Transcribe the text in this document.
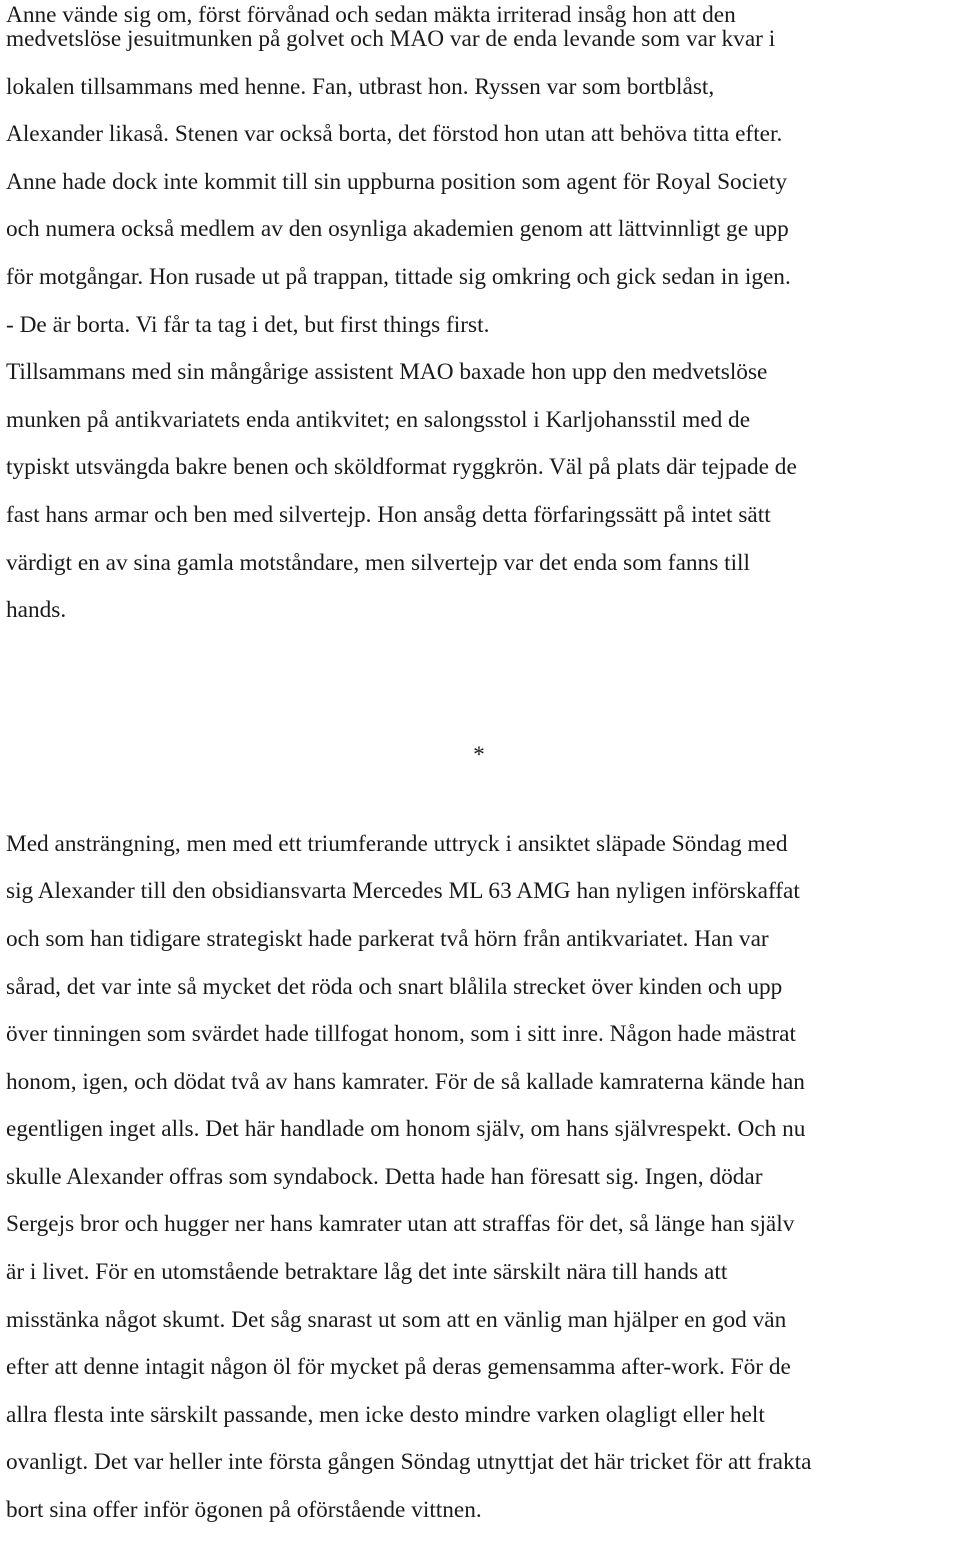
Anne vände sig om, först förvånad och sedan mäkta irriterad insåg hon att den
medvetslöse jesuitmunken på golvet och MAO var de enda levande som var kvar i
lokalen tillsammans med henne. Fan, utbrast hon. Ryssen var som bortblåst,
Alexander likaså. Stenen var också borta, det förstod hon utan att behöva titta efter.
Anne hade dock inte kommit till sin uppburna position som agent för Royal Society
och numera också medlem av den osynliga akademien genom att lättvinnligt ge upp
för motgångar. Hon rusade ut på trappan, tittade sig omkring och gick sedan in igen.
- De är borta. Vi får ta tag i det, but first things first.
Tillsammans med sin mångårige assistent MAO baxade hon upp den medvetslöse
munken på antikvariatets enda antikvitet; en salongsstol i Karljohansstil med de
typiskt utsvängda bakre benen och sköldformat ryggkrön. Väl på plats där tejpade de
fast hans armar och ben med silvertejp. Hon ansåg detta förfaringssätt på intet sätt
värdigt en av sina gamla motståndare, men silvertejp var det enda som fanns till
hands.
*
Med ansträngning, men med ett triumferande uttryck i ansiktet släpade Söndag med
sig Alexander till den obsidiansvarta Mercedes ML 63 AMG han nyligen införskaffat
och som han tidigare strategiskt hade parkerat två hörn från antikvariatet. Han var
sårad, det var inte så mycket det röda och snart blålila strecket över kinden och upp
över tinningen som svärdet hade tillfogat honom, som i sitt inre. Någon hade mästrat
honom, igen, och dödat två av hans kamrater. För de så kallade kamraterna kände han
egentligen inget alls. Det här handlade om honom själv, om hans självrespekt. Och nu
skulle Alexander offras som syndabock. Detta hade han föresatt sig. Ingen, dödar
Sergejs bror och hugger ner hans kamrater utan att straffas för det, så länge han själv
är i livet. För en utomstående betraktare låg det inte särskilt nära till hands att
misstänka något skumt. Det såg snarast ut som att en vänlig man hjälper en god vän
efter att denne intagit någon öl för mycket på deras gemensamma after-work. För de
allra flesta inte särskilt passande, men icke desto mindre varken olagligt eller helt
ovanligt. Det var heller inte första gången Söndag utnyttjat det här tricket för att frakta
bort sina offer inför ögonen på oförstående vittnen.
